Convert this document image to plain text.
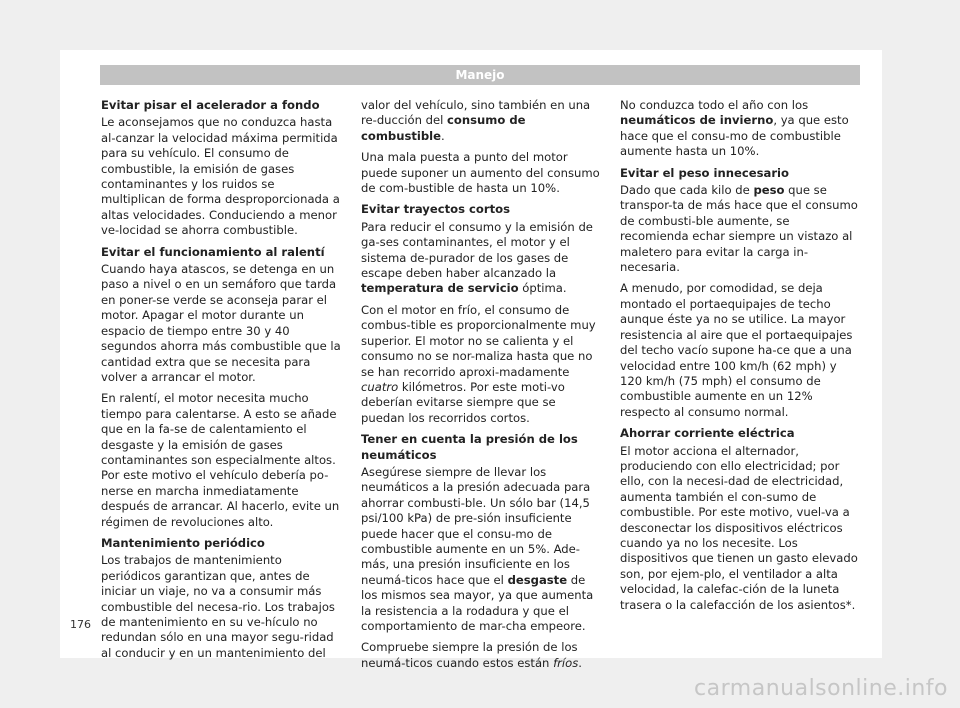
Manejo

Evitar pisar el acelerador a fondo

Le aconsejamos que no conduzca hasta al-canzar la velocidad máxima permitida para su vehículo. El consumo de combustible, la emisión de gases contaminantes y los ruidos se multiplican de forma desproporcionada a altas velocidades. Conduciendo a menor ve-locidad se ahorra combustible.

Evitar el funcionamiento al ralentí

Cuando haya atascos, se detenga en un paso a nivel o en un semáforo que tarda en poner-se verde se aconseja parar el motor. Apagar el motor durante un espacio de tiempo entre 30 y 40 segundos ahorra más combustible que la cantidad extra que se necesita para volver a arrancar el motor.

En ralentí, el motor necesita mucho tiempo para calentarse. A esto se añade que en la fa-se de calentamiento el desgaste y la emisión de gases contaminantes son especialmente altos. Por este motivo el vehículo debería po-nerse en marcha inmediatamente después de arrancar. Al hacerlo, evite un régimen de revoluciones alto.

Mantenimiento periódico

Los trabajos de mantenimiento periódicos garantizan que, antes de iniciar un viaje, no va a consumir más combustible del necesa-rio. Los trabajos de mantenimiento en su ve-hículo no redundan sólo en una mayor segu-ridad al conducir y en un mantenimiento del

valor del vehículo, sino también en una re-ducción del consumo de combustible.

Una mala puesta a punto del motor puede suponer un aumento del consumo de com-bustible de hasta un 10%.

Evitar trayectos cortos

Para reducir el consumo y la emisión de ga-ses contaminantes, el motor y el sistema de-purador de los gases de escape deben haber alcanzado la temperatura de servicio óptima.

Con el motor en frío, el consumo de combus-tible es proporcionalmente muy superior. El motor no se calienta y el consumo no se nor-maliza hasta que no se han recorrido aproxi-madamente cuatro kilómetros. Por este moti-vo deberían evitarse siempre que se puedan los recorridos cortos.

Tener en cuenta la presión de los neumáticos

Asegúrese siempre de llevar los neumáticos a la presión adecuada para ahorrar combusti-ble. Un sólo bar (14,5 psi/100 kPa) de pre-sión insuficiente puede hacer que el consu-mo de combustible aumente en un 5%. Ade-más, una presión insuficiente en los neumá-ticos hace que el desgaste de los mismos sea mayor, ya que aumenta la resistencia a la rodadura y que el comportamiento de mar-cha empeore.

Compruebe siempre la presión de los neumá-ticos cuando estos están fríos.

No conduzca todo el año con los neumáticos de invierno, ya que esto hace que el consu-mo de combustible aumente hasta un 10%.

Evitar el peso innecesario

Dado que cada kilo de peso que se transpor-ta de más hace que el consumo de combusti-ble aumente, se recomienda echar siempre un vistazo al maletero para evitar la carga in-necesaria.

A menudo, por comodidad, se deja montado el portaequipajes de techo aunque éste ya no se utilice. La mayor resistencia al aire que el portaequipajes del techo vacío supone ha-ce que a una velocidad entre 100 km/h (62 mph) y 120 km/h (75 mph) el consumo de combustible aumente en un 12% respecto al consumo normal.

Ahorrar corriente eléctrica

El motor acciona el alternador, produciendo con ello electricidad; por ello, con la necesi-dad de electricidad, aumenta también el con-sumo de combustible. Por este motivo, vuel-va a desconectar los dispositivos eléctricos cuando ya no los necesite. Los dispositivos que tienen un gasto elevado son, por ejem-plo, el ventilador a alta velocidad, la calefac-ción de la luneta trasera o la calefacción de los asientos*.

176
carmanualsonline.info
